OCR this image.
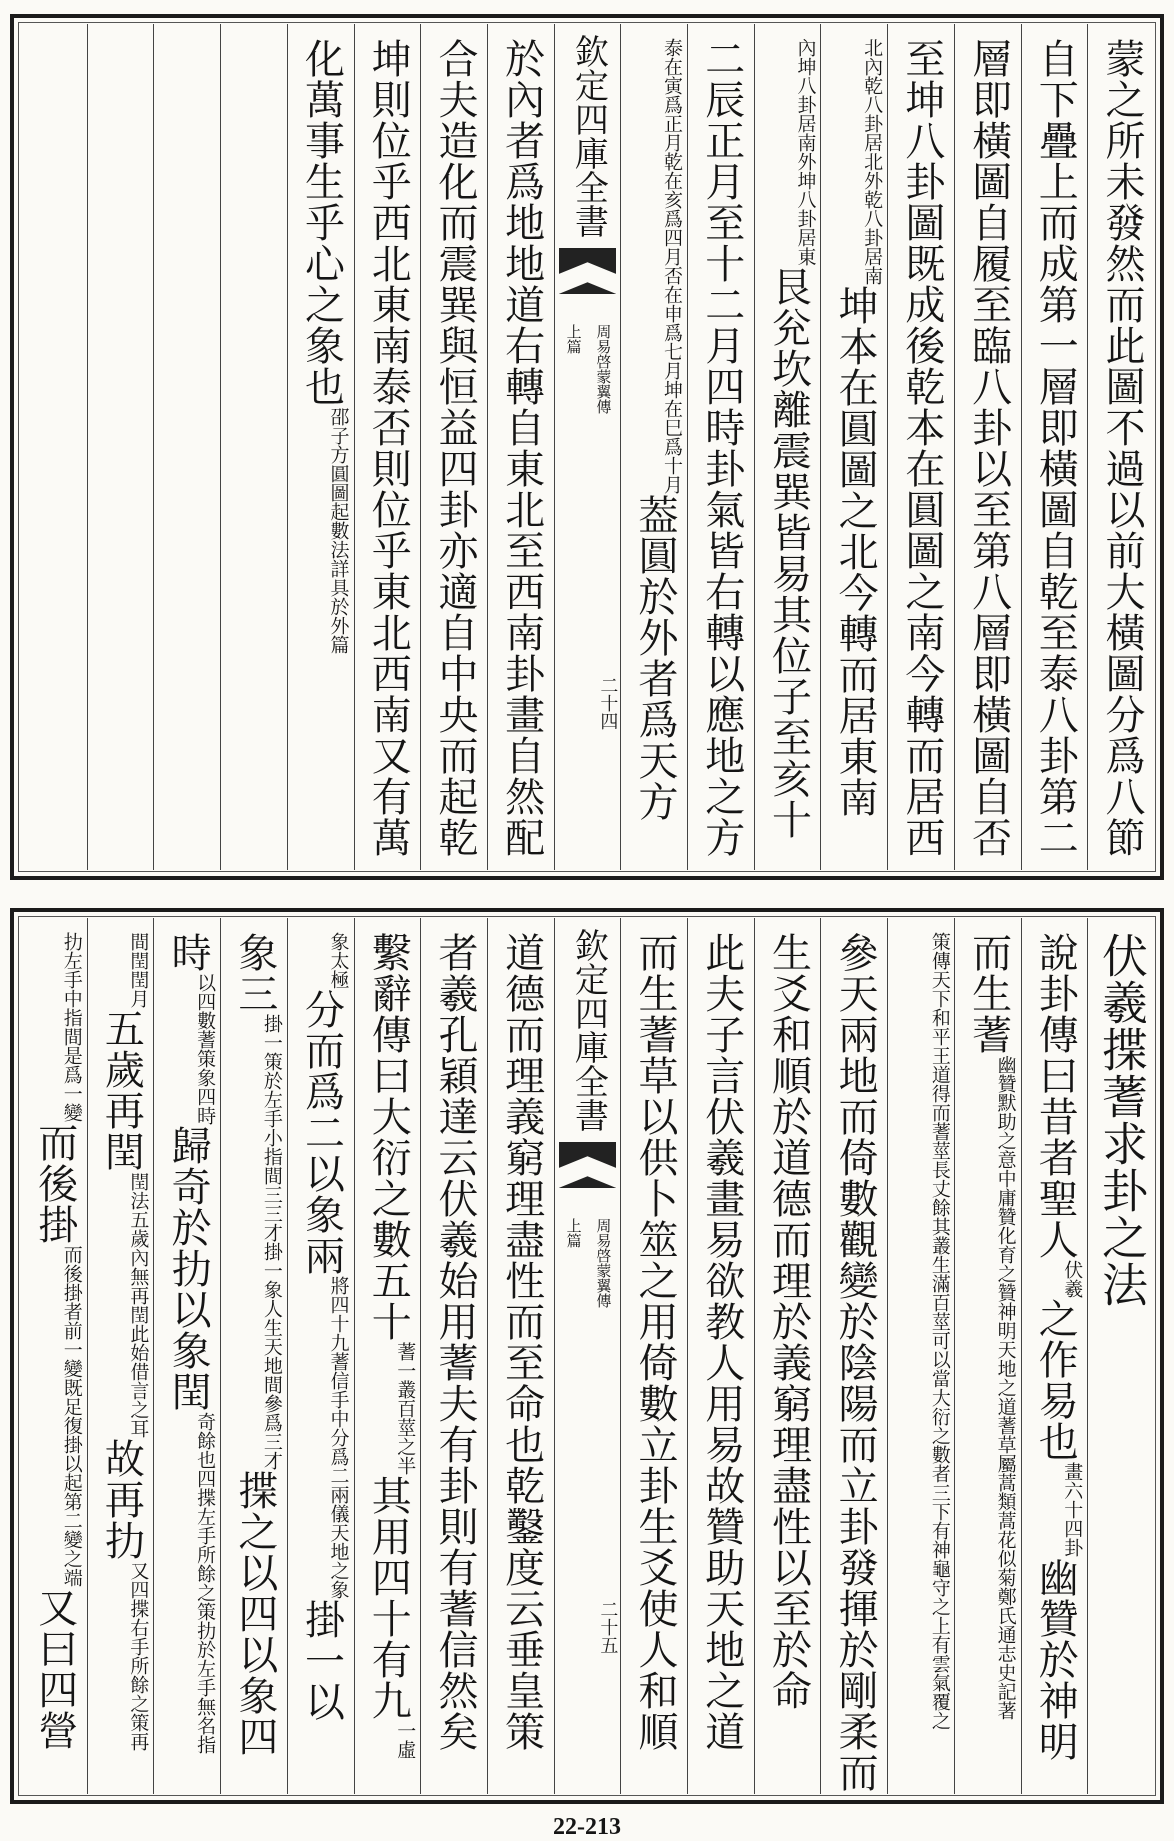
蒙之所未發然而此圖不過以前大橫圖分爲八節
自下疊上而成第一層即橫圖自乾至泰八卦第二
層即橫圖自履至臨八卦以至第八層即橫圖自否
至坤八卦圖既成後乾本在圓圖之南今轉而居西
北內乾八卦居北
外乾八卦居南
坤本在圓圖之北今轉而居東南
內坤八卦居南
外坤八卦居東
艮兊坎離震巽皆易其位子至亥十
二辰正月至十二月四時卦氣皆右轉以應地之方
泰在寅爲正月乾在亥爲四月
否在申爲七月坤在巳爲十月
葢圓於外者爲天方
欽定四庫全書
周易啓蒙翼傳
上篇
二十四
於內者爲地地道右轉自東北至西南卦畫自然配
合夫造化而震巽與恒益四卦亦適自中央而起乾
坤則位乎西北東南泰否則位乎東北西南又有萬
化萬事生乎心之象也
邵子方圓圖起數
法詳具於外篇
伏羲揲蓍求卦之法
說卦傳曰昔者聖人
伏
羲
之作易也
畫六十
四卦
幽贊於神明
而生蓍
幽贊默助之意中庸贊化育之贊神明天地之
道蓍草屬蒿類蒿花似菊鄭氏通志史記著
策傳天下和平王道得而蓍莖長丈餘其叢生滿百莖
可以當大衍之數者三下有神龜守之上有雲氣覆之
參天兩地而倚數觀變於陰陽而立卦發揮於剛柔而
生爻和順於道德而理於義窮理盡性以至於命
此夫子言伏羲畫易欲教人用易故贊助天地之道
而生蓍草以供卜筮之用倚數立卦生爻使人和順
欽定四庫全書
周易啓蒙翼傳
上篇
二十五
道德而理義窮理盡性而至命也乾鑿度云垂皇策
者羲孔穎達云伏羲始用蓍夫有卦則有蓍信然矣
繫辭傳曰大衍之數五十
蓍一叢百
莖之半
其用四十有九
一虛
象太
極
分而爲二以象兩
將四十九蓍信手中分
爲二兩儀天地之象
掛一以
象三
掛一策於左手小指間三三才
掛一象人生天地間參爲三才
揲之以四以象四
時
以四數蓍
策象四時
歸奇於扐以象閏
奇餘也四揲左手所餘
之策扐於左手無名指
間閏
閏月
五歲再閏
閏法五歲內無再
閏此始借言之耳
故再扐
又四揲右手
所餘之策再
扐左手中指
間是爲一變
而後掛
而後掛者前一變既足
復掛以起第二變之端
又曰四營
22-213
